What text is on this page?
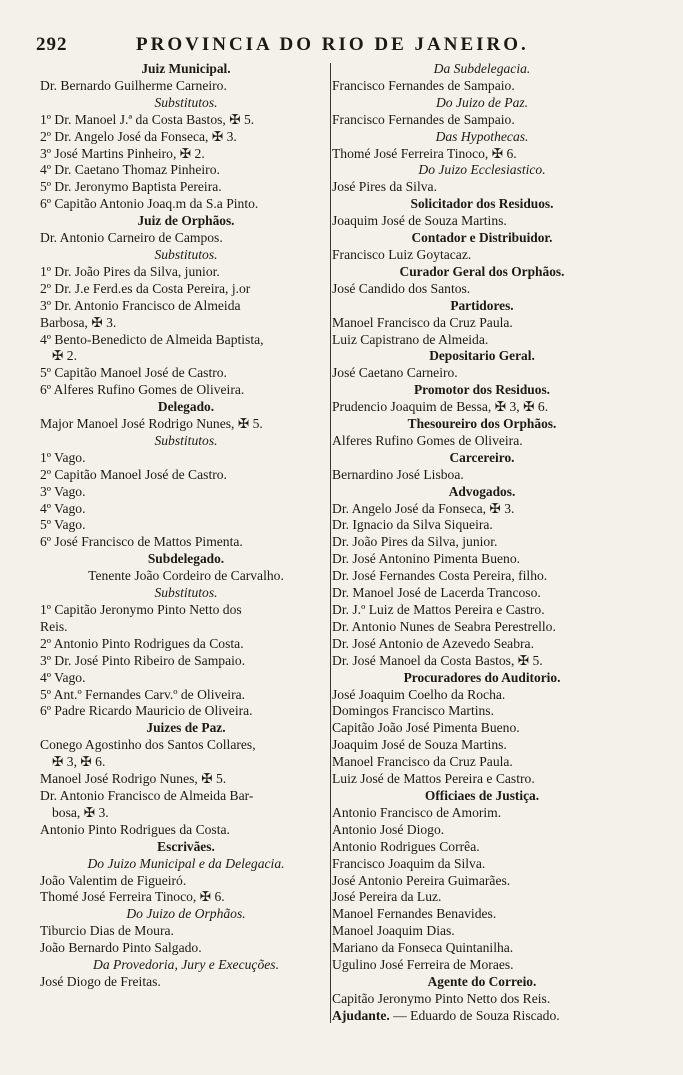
292	PROVINCIA DO RIO DE JANEIRO.
Juiz Municipal.
Dr. Bernardo Guilherme Carneiro.
Substitutos.
1º Dr. Manoel J.ª da Costa Bastos, ✠ 5.
2º Dr. Angelo José da Fonseca, ✠ 3.
3º José Martins Pinheiro, ✠ 2.
4º Dr. Caetano Thomaz Pinheiro.
5º Dr. Jeronymo Baptista Pereira.
6º Capitão Antonio Joaq.m da S.a Pinto.
Juiz de Orphãos.
Dr. Antonio Carneiro de Campos.
Substitutos.
1º Dr. João Pires da Silva, junior.
2º Dr. J.e Ferd.es da Costa Pereira, j.or
3º Dr. Antonio Francisco de Almeida
Barbosa, ✠ 3.
4º Bento-Benedicto de Almeida Baptista,
✠ 2.
5º Capitão Manoel José de Castro.
6º Alferes Rufino Gomes de Oliveira.
Delegado.
Major Manoel José Rodrigo Nunes, ✠ 5.
Substitutos.
1º Vago.
2º Capitão Manoel José de Castro.
3º Vago.
4º Vago.
5º Vago.
6º José Francisco de Mattos Pimenta.
Subdelegado.
Tenente João Cordeiro de Carvalho.
Substitutos.
1º Capitão Jeronymo Pinto Netto dos
Reis.
2º Antonio Pinto Rodrigues da Costa.
3º Dr. José Pinto Ribeiro de Sampaio.
4º Vago.
5º Ant.º Fernandes Carv.º de Oliveira.
6º Padre Ricardo Mauricio de Oliveira.
Juizes de Paz.
Conego Agostinho dos Santos Collares,
✠ 3, ✠ 6.
Manoel José Rodrigo Nunes, ✠ 5.
Dr. Antonio Francisco de Almeida Bar-
bosa, ✠ 3.
Antonio Pinto Rodrigues da Costa.
Escrivães.
Do Juizo Municipal e da Delegacia.
João Valentim de Figueiró.
Thomé José Ferreira Tinoco, ✠ 6.
Do Juizo de Orphãos.
Tiburcio Dias de Moura.
João Bernardo Pinto Salgado.
Da Provedoria, Jury e Execuções.
José Diogo de Freitas.
Da Subdelegacia.
Francisco Fernandes de Sampaio.
Do Juizo de Paz.
Francisco Fernandes de Sampaio.
Das Hypothecas.
Thomé José Ferreira Tinoco, ✠ 6.
Do Juizo Ecclesiastico.
José Pires da Silva.
Solicitador dos Residuos.
Joaquim José de Souza Martins.
Contador e Distribuidor.
Francisco Luiz Goytacaz.
Curador Geral dos Orphãos.
José Candido dos Santos.
Partidores.
Manoel Francisco da Cruz Paula.
Luiz Capistrano de Almeida.
Depositario Geral.
José Caetano Carneiro.
Promotor dos Residuos.
Prudencio Joaquim de Bessa, ✠ 3, ✠ 6.
Thesoureiro dos Orphãos.
Alferes Rufino Gomes de Oliveira.
Carcereiro.
Bernardino José Lisboa.
Advogados.
Dr. Angelo José da Fonseca, ✠ 3.
Dr. Ignacio da Silva Siqueira.
Dr. João Pires da Silva, junior.
Dr. José Antonino Pimenta Bueno.
Dr. José Fernandes Costa Pereira, filho.
Dr. Manoel José de Lacerda Trancoso.
Dr. J.º Luiz de Mattos Pereira e Castro.
Dr. Antonio Nunes de Seabra Perestrello.
Dr. José Antonio de Azevedo Seabra.
Dr. José Manoel da Costa Bastos, ✠ 5.
Procuradores do Auditorio.
José Joaquim Coelho da Rocha.
Domingos Francisco Martins.
Capitão João José Pimenta Bueno.
Joaquim José de Souza Martins.
Manoel Francisco da Cruz Paula.
Luiz José de Mattos Pereira e Castro.
Officiaes de Justiça.
Antonio Francisco de Amorim.
Antonio José Diogo.
Antonio Rodrigues Corrêa.
Francisco Joaquim da Silva.
José Antonio Pereira Guimarães.
José Pereira da Luz.
Manoel Fernandes Benavides.
Manoel Joaquim Dias.
Mariano da Fonseca Quintanilha.
Ugulino José Ferreira de Moraes.
Agente do Correio.
Capitão Jeronymo Pinto Netto dos Reis.
Ajudante. — Eduardo de Souza Riscado.
